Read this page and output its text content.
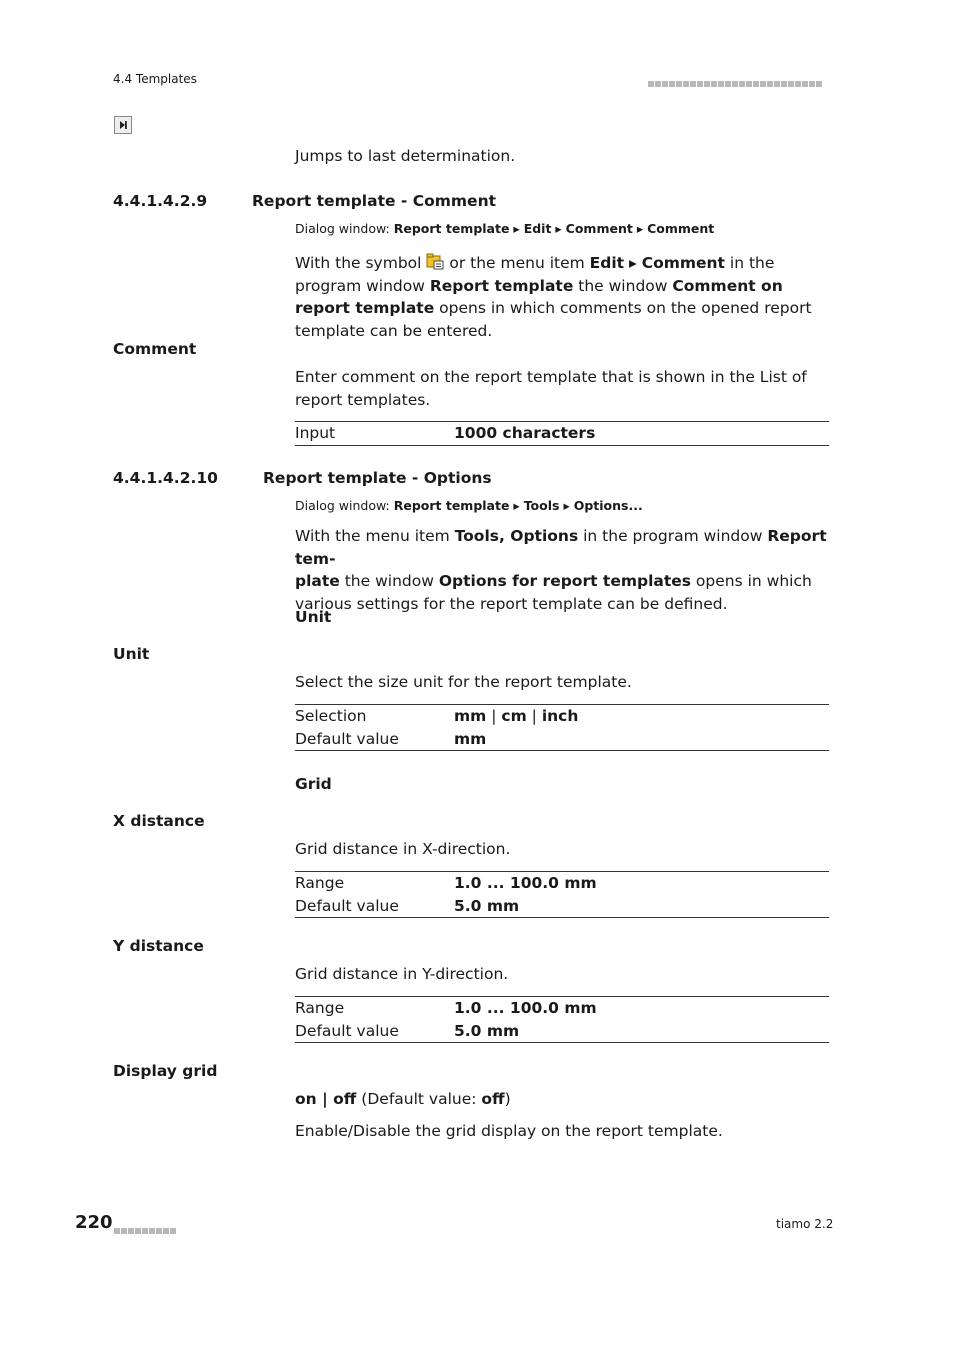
4.4 Templates
Jumps to last determination.
4.4.1.4.2.9	Report template - Comment
Dialog window: Report template ▸ Edit ▸ Comment ▸ Comment
With the symbol  or the menu item Edit ▸ Comment in the program window Report template the window Comment on report template opens in which comments on the opened report template can be entered.
Comment
Enter comment on the report template that is shown in the List of report templates.
Input	1000 characters
4.4.1.4.2.10	Report template - Options
Dialog window: Report template ▸ Tools ▸ Options...
With the menu item Tools, Options in the program window Report tem-
plate the window Options for report templates opens in which various settings for the report template can be defined.
Unit
Unit
Select the size unit for the report template.
Selection	mm | cm | inch
Default value	mm
Grid
X distance
Grid distance in X-direction.
Range	1.0 ... 100.0 mm
Default value	5.0 mm
Y distance
Grid distance in Y-direction.
Range	1.0 ... 100.0 mm
Default value	5.0 mm
Display grid
on | off (Default value: off)
Enable/Disable the grid display on the report template.
220	tiamo 2.2
